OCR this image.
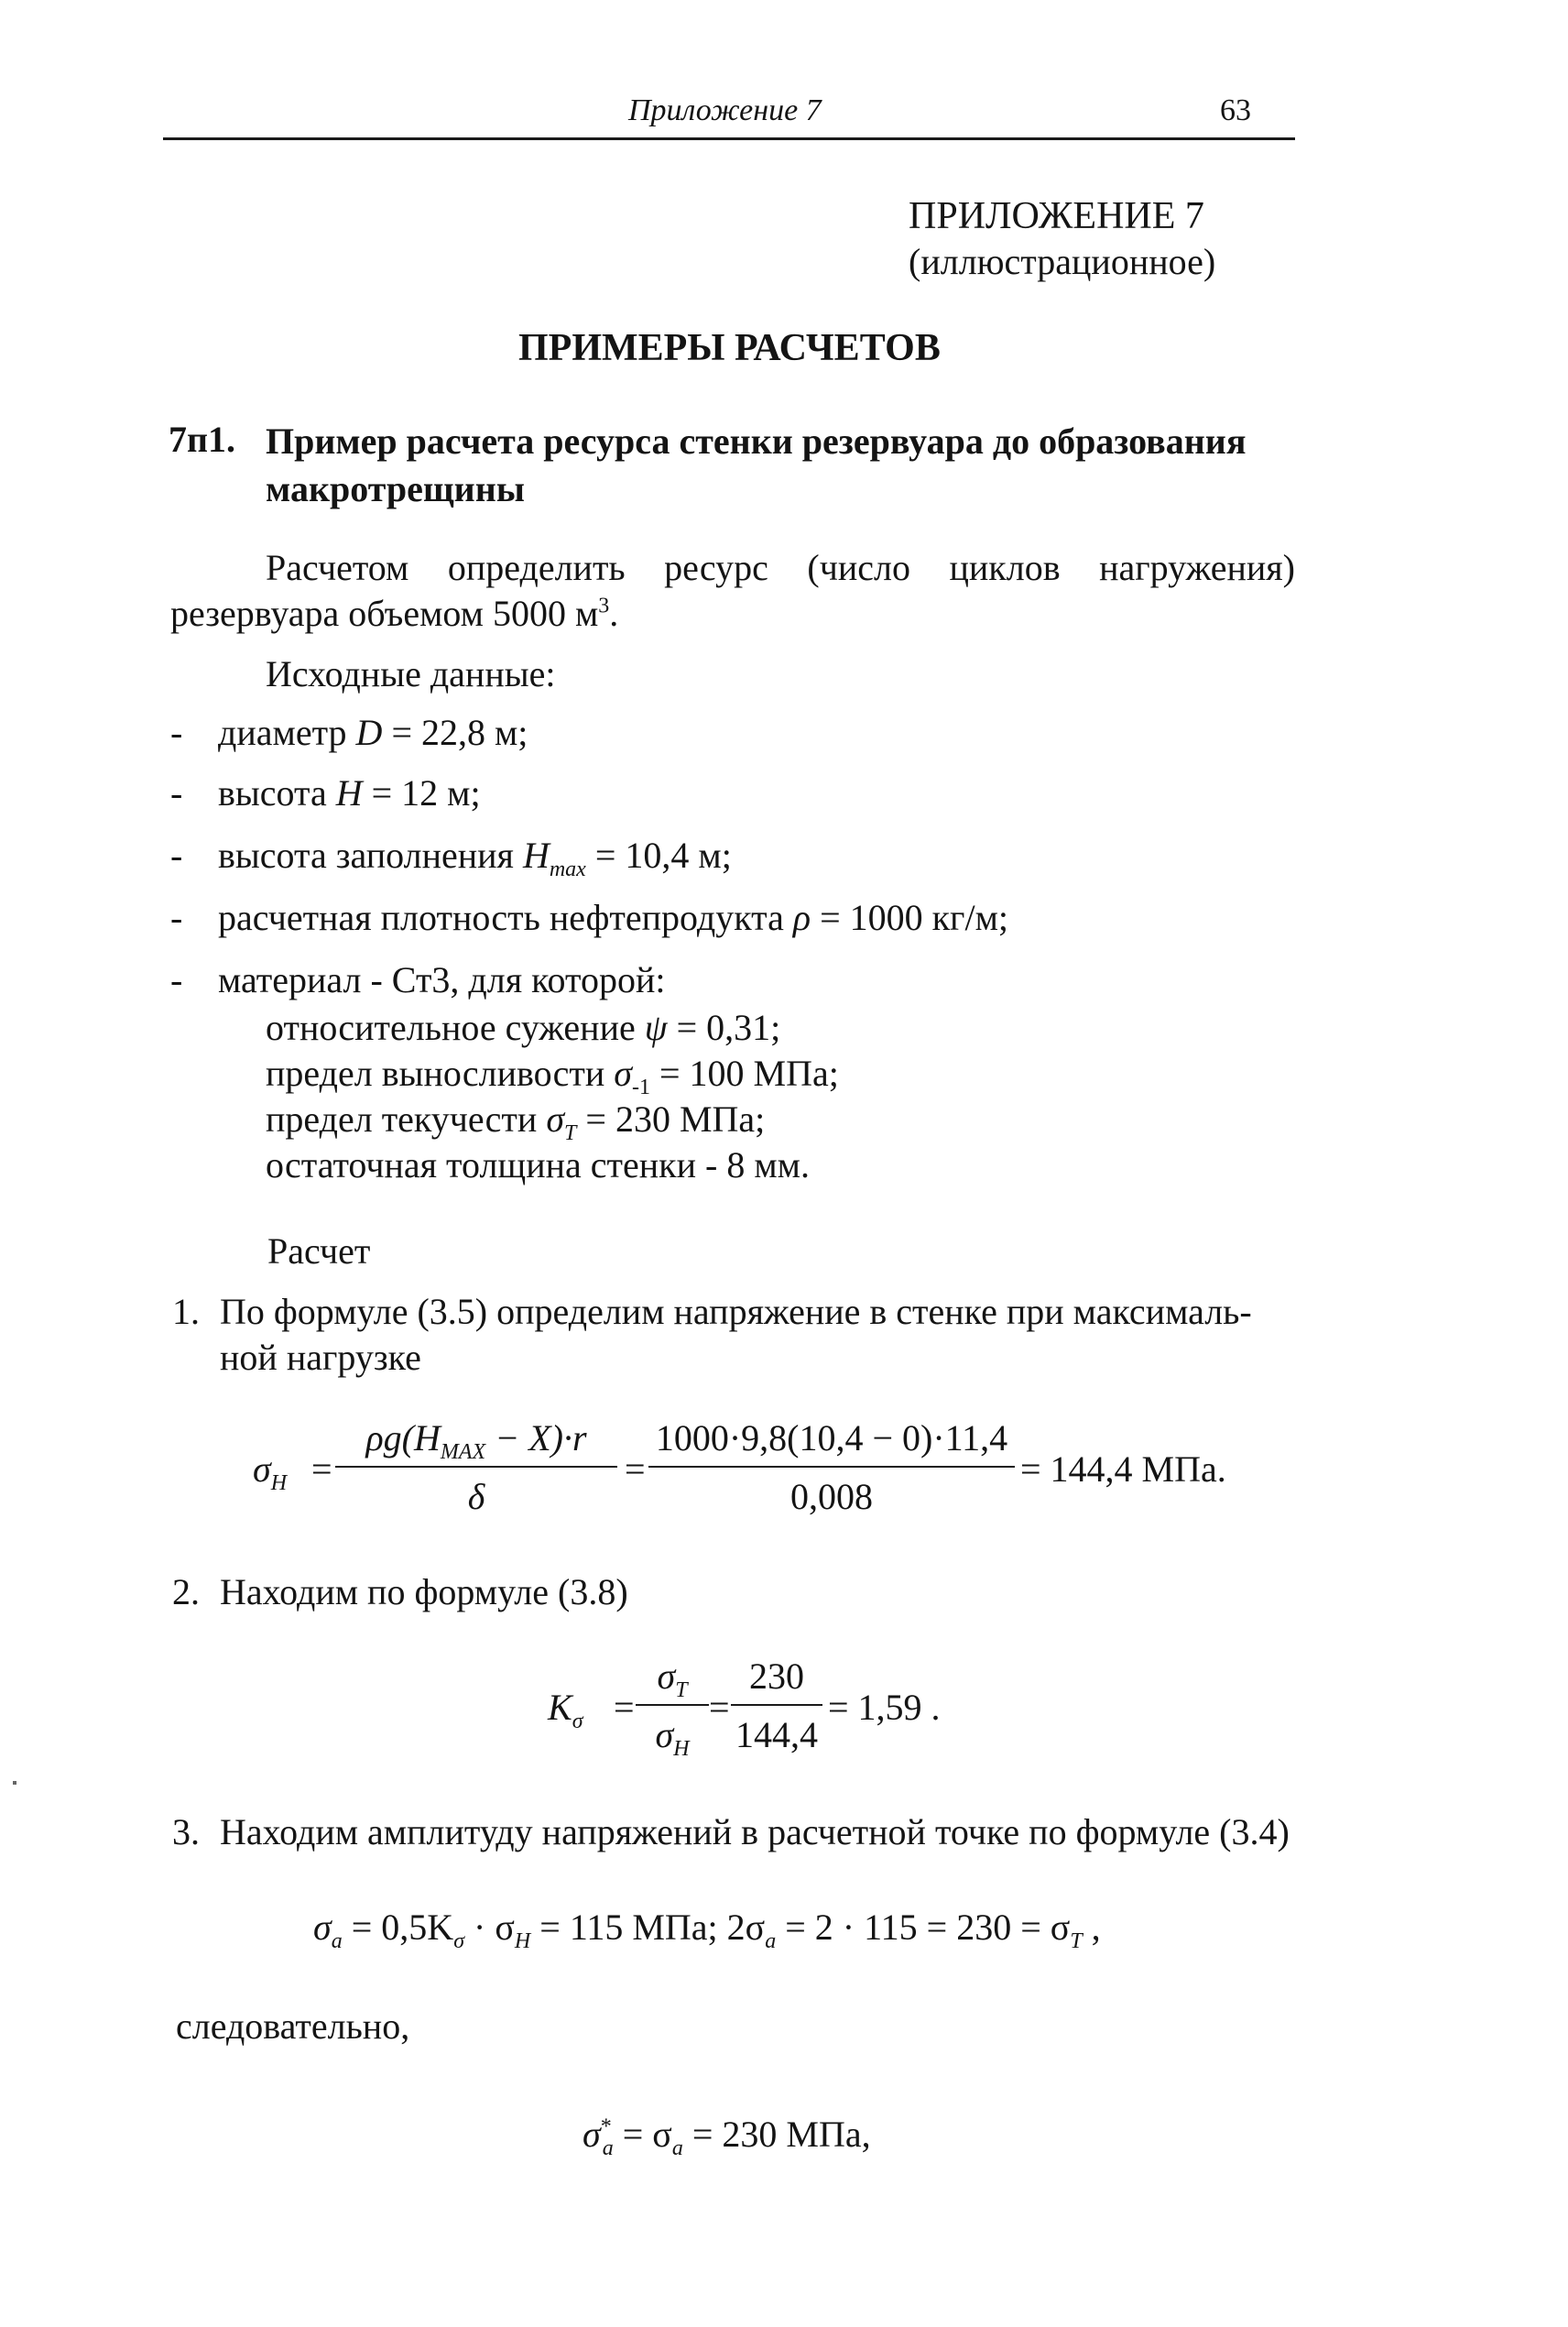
Приложение 7	63
ПРИЛОЖЕНИЕ 7
(иллюстрационное)
ПРИМЕРЫ РАСЧЕТОВ
7п1. Пример расчета ресурса стенки резервуара до образования макротрещины
Расчетом определить ресурс (число циклов нагружения)
резервуара объемом 5000 $м^3$.
Исходные данные:
- диаметр D = 22,8 м;
- высота H = 12 м;
- высота заполнения $H_{max} = 10,4$ м;
- расчетная плотность нефтепродукта ρ = 1000 кг/м;
- материал - Ст3, для которой:
относительное сужение ψ = 0,31;
предел выносливости $\sigma_{-1} = 100$ МПа;
предел текучести $\sigma_T = 230$ МПа;
остаточная толщина стенки - 8 мм.
Расчет
1. По формуле (3.5) определим напряжение в стенке при максималь-
ной нагрузке
$\sigma_H$ =
$\rho g(H_{MAX} - X)\cdot r$
δ
=
1000·9,8(10,4 − 0)·11,4
0,008
= 144,4 МПа.
2. Находим по формуле (3.8)
$K_\sigma$ =
$\sigma_T$
$\sigma_H$
=
230
144,4
= 1,59 .
3. Находим амплитуду напряжений в расчетной точке по формуле (3.4)
$\sigma_a = 0,5K_\sigma \cdot \sigma_H = 115$ МПа; $2\sigma_a = 2 \cdot 115 = 230 = \sigma_T$ ,
следовательно,
$\sigma^*_a = \sigma_a = 230$ МПа,
